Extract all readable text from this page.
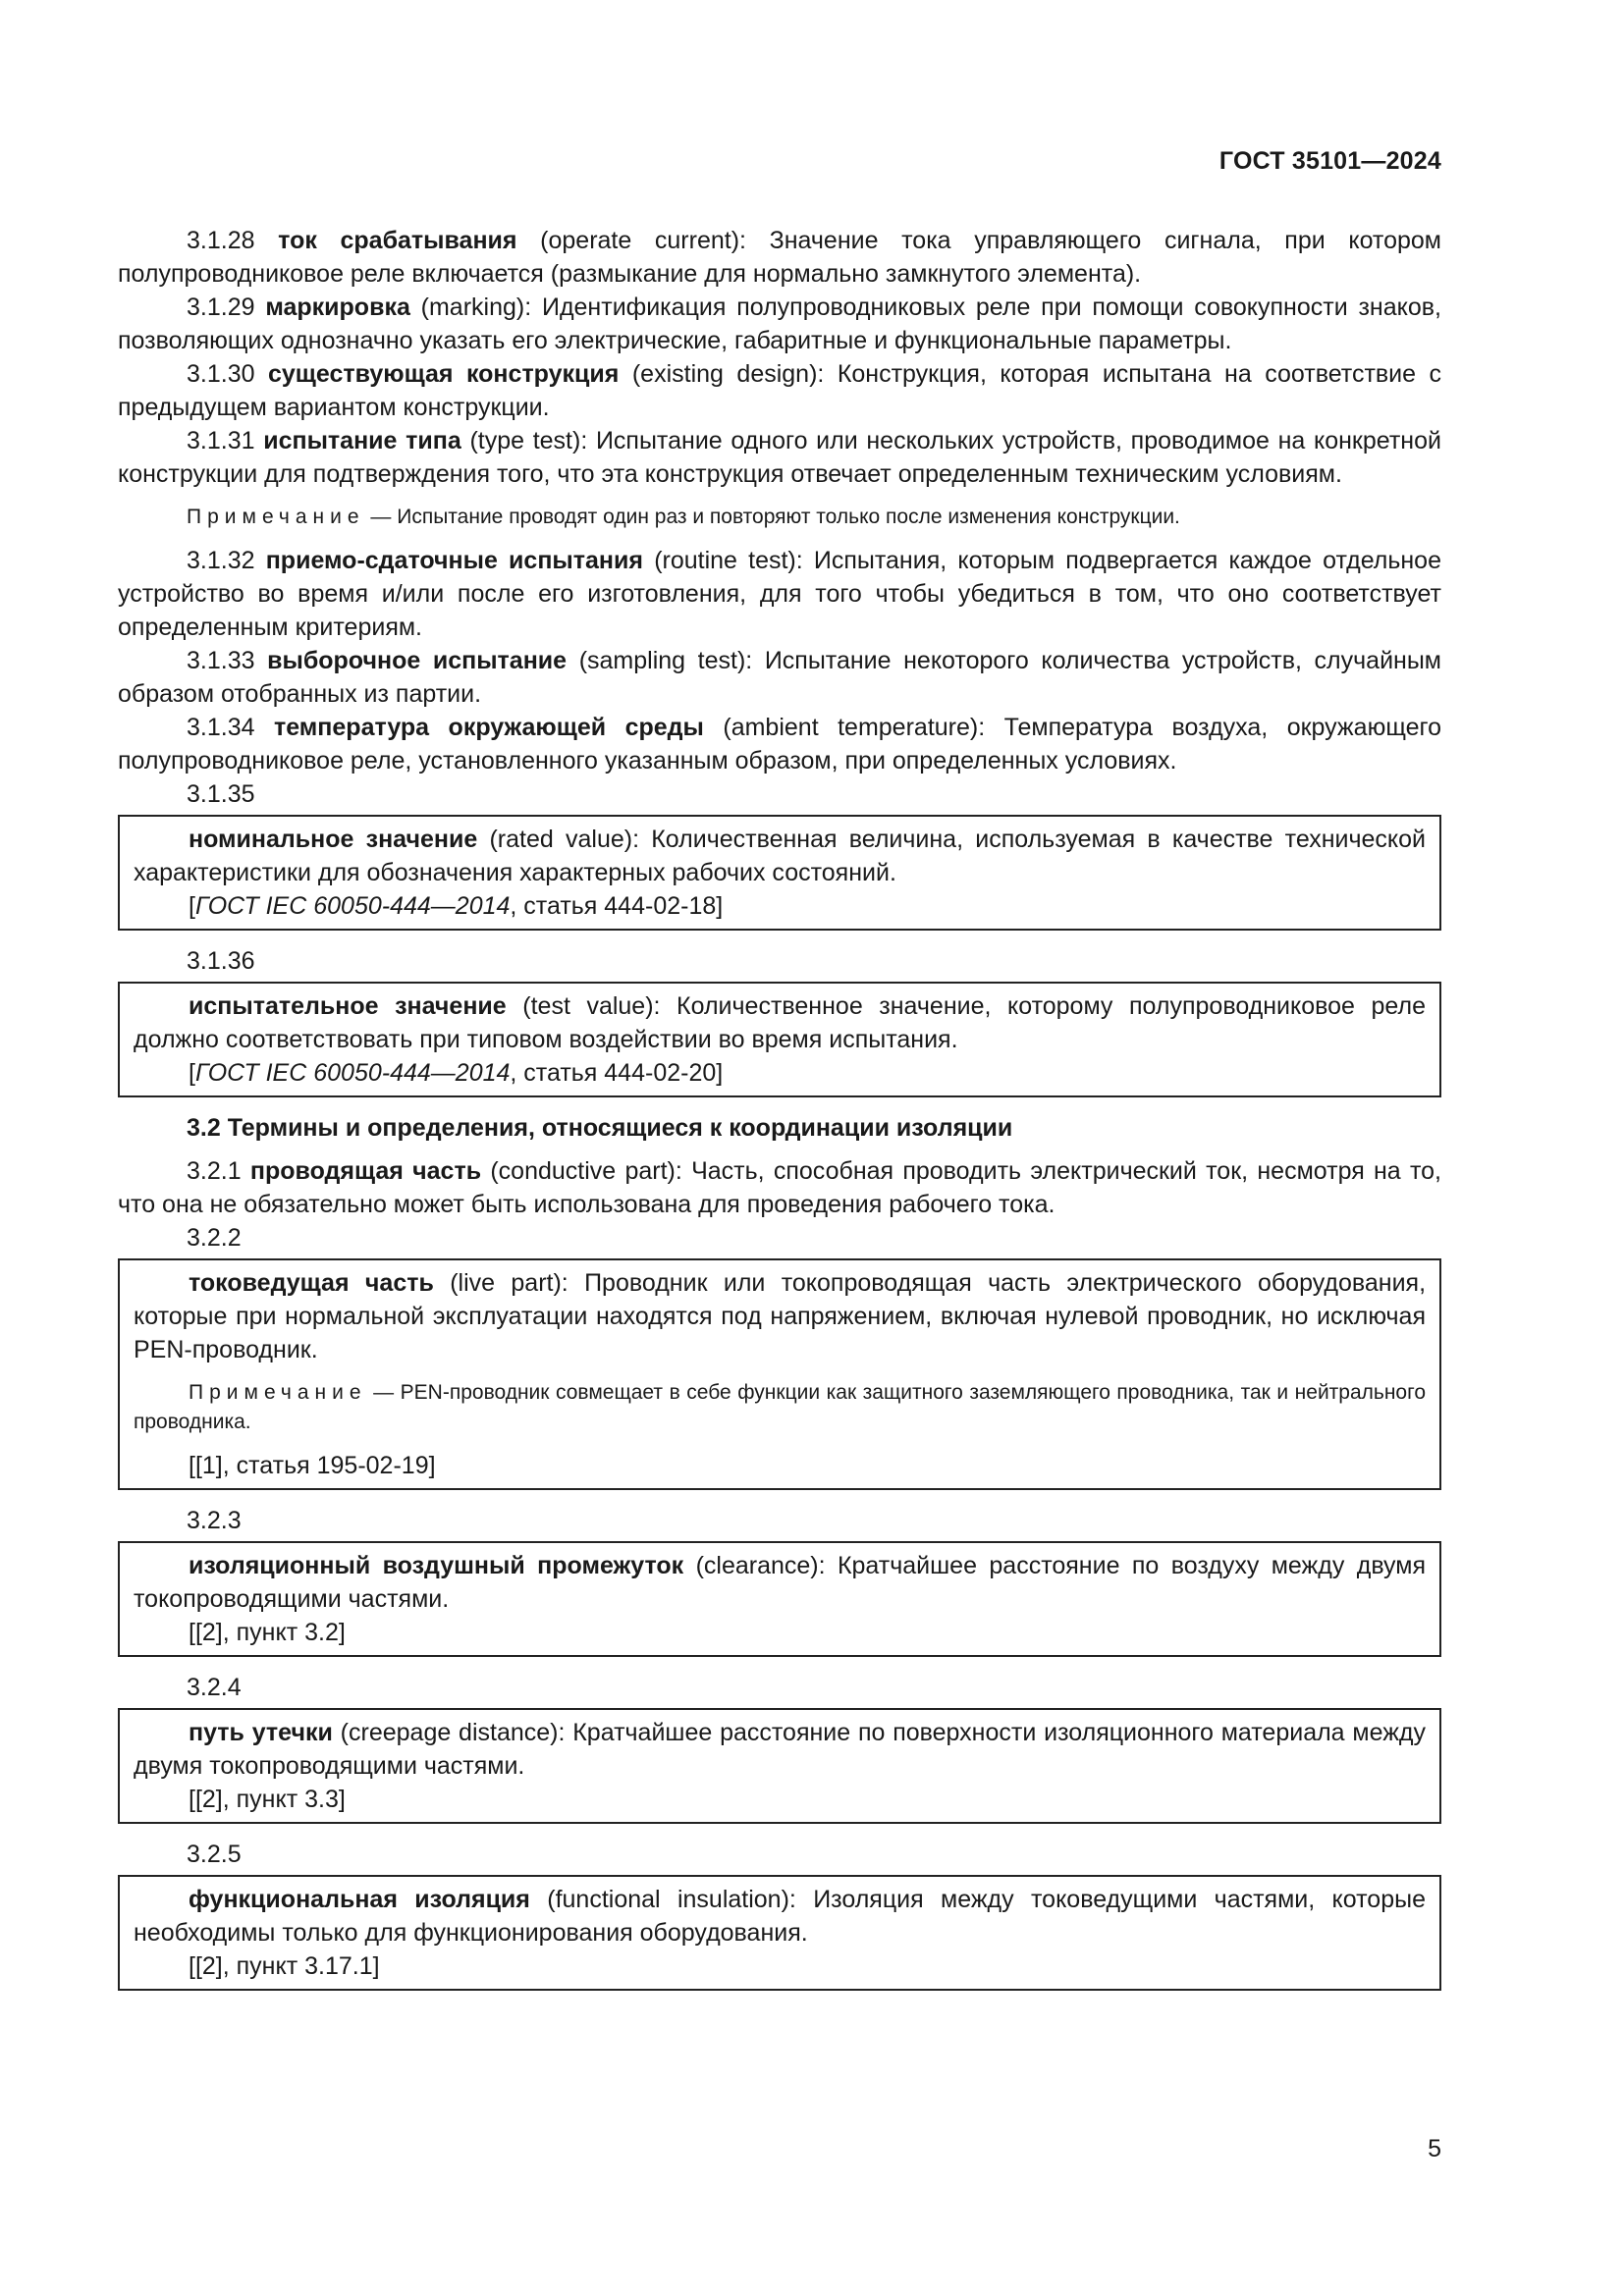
ГОСТ 35101—2024

3.1.28 ток срабатывания (operate current): Значение тока управляющего сигнала, при котором полупроводниковое реле включается (размыкание для нормально замкнутого элемента).

3.1.29 маркировка (marking): Идентификация полупроводниковых реле при помощи совокупности знаков, позволяющих однозначно указать его электрические, габаритные и функциональные параметры.

3.1.30 существующая конструкция (existing design): Конструкция, которая испытана на соответствие с предыдущем вариантом конструкции.

3.1.31 испытание типа (type test): Испытание одного или нескольких устройств, проводимое на конкретной конструкции для подтверждения того, что эта конструкция отвечает определенным техническим условиям.

Примечание — Испытание проводят один раз и повторяют только после изменения конструкции.

3.1.32 приемо-сдаточные испытания (routine test): Испытания, которым подвергается каждое отдельное устройство во время и/или после его изготовления, для того чтобы убедиться в том, что оно соответствует определенным критериям.

3.1.33 выборочное испытание (sampling test): Испытание некоторого количества устройств, случайным образом отобранных из партии.

3.1.34 температура окружающей среды (ambient temperature): Температура воздуха, окружающего полупроводниковое реле, установленного указанным образом, при определенных условиях.

3.1.35

номинальное значение (rated value): Количественная величина, используемая в качестве технической характеристики для обозначения характерных рабочих состояний.

[ГОСТ IEC 60050-444—2014, статья 444-02-18]

3.1.36

испытательное значение (test value): Количественное значение, которому полупроводниковое реле должно соответствовать при типовом воздействии во время испытания.

[ГОСТ IEC 60050-444—2014, статья 444-02-20]

3.2 Термины и определения, относящиеся к координации изоляции

3.2.1 проводящая часть (conductive part): Часть, способная проводить электрический ток, несмотря на то, что она не обязательно может быть использована для проведения рабочего тока.

3.2.2

токоведущая часть (live part): Проводник или токопроводящая часть электрического оборудования, которые при нормальной эксплуатации находятся под напряжением, включая нулевой проводник, но исключая PEN-проводник.

Примечание — PEN-проводник совмещает в себе функции как защитного заземляющего проводника, так и нейтрального проводника.

[[1], статья 195-02-19]

3.2.3

изоляционный воздушный промежуток (clearance): Кратчайшее расстояние по воздуху между двумя токопроводящими частями.

[[2], пункт 3.2]

3.2.4

путь утечки (creepage distance): Кратчайшее расстояние по поверхности изоляционного материала между двумя токопроводящими частями.

[[2], пункт 3.3]

3.2.5

функциональная изоляция (functional insulation): Изоляция между токоведущими частями, которые необходимы только для функционирования оборудования.

[[2], пункт 3.17.1]

5
